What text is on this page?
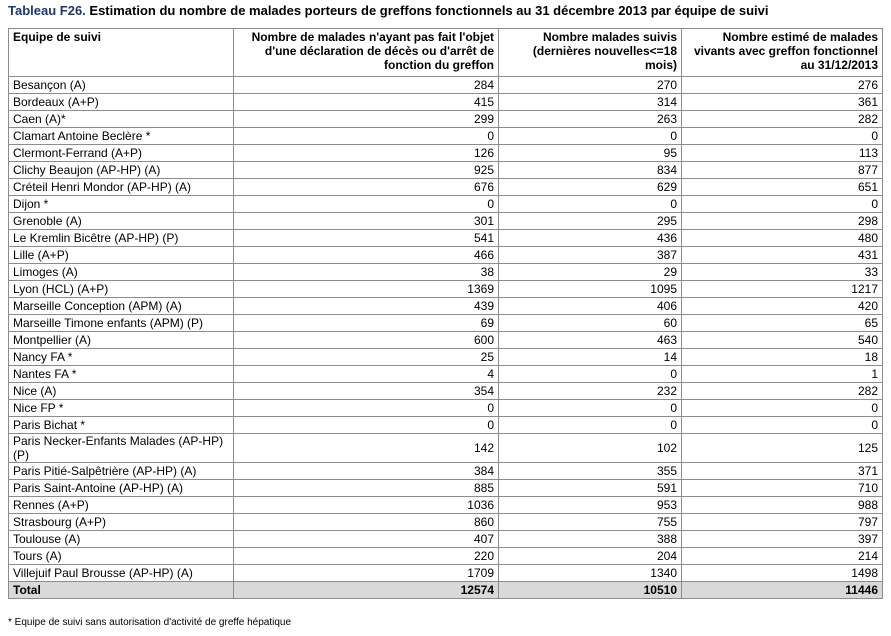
Tableau F26. Estimation du nombre de malades porteurs de greffons fonctionnels au 31 décembre 2013 par équipe de suivi
Equipe de suivi	Nombre de malades n'ayant pas fait l'objet d'une déclaration de décès ou d'arrêt de fonction du greffon	Nombre malades suivis (dernières nouvelles<=18 mois)	Nombre estimé de malades vivants avec greffon fonctionnel au 31/12/2013
Besançon (A)	284	270	276
Bordeaux (A+P)	415	314	361
Caen (A)*	299	263	282
Clamart Antoine Beclère *	0	0	0
Clermont-Ferrand (A+P)	126	95	113
Clichy Beaujon (AP-HP) (A)	925	834	877
Créteil Henri Mondor (AP-HP) (A)	676	629	651
Dijon *	0	0	0
Grenoble (A)	301	295	298
Le Kremlin Bicêtre (AP-HP) (P)	541	436	480
Lille (A+P)	466	387	431
Limoges (A)	38	29	33
Lyon (HCL) (A+P)	1369	1095	1217
Marseille Conception (APM) (A)	439	406	420
Marseille Timone enfants (APM) (P)	69	60	65
Montpellier (A)	600	463	540
Nancy FA *	25	14	18
Nantes FA *	4	0	1
Nice (A)	354	232	282
Nice FP *	0	0	0
Paris Bichat *	0	0	0
Paris Necker-Enfants Malades (AP-HP) (P)	142	102	125
Paris Pitié-Salpêtrière (AP-HP) (A)	384	355	371
Paris Saint-Antoine (AP-HP) (A)	885	591	710
Rennes (A+P)	1036	953	988
Strasbourg (A+P)	860	755	797
Toulouse (A)	407	388	397
Tours (A)	220	204	214
Villejuif Paul Brousse (AP-HP) (A)	1709	1340	1498
Total	12574	10510	11446
* Equipe de suivi sans autorisation d'activité de greffe hépatique
